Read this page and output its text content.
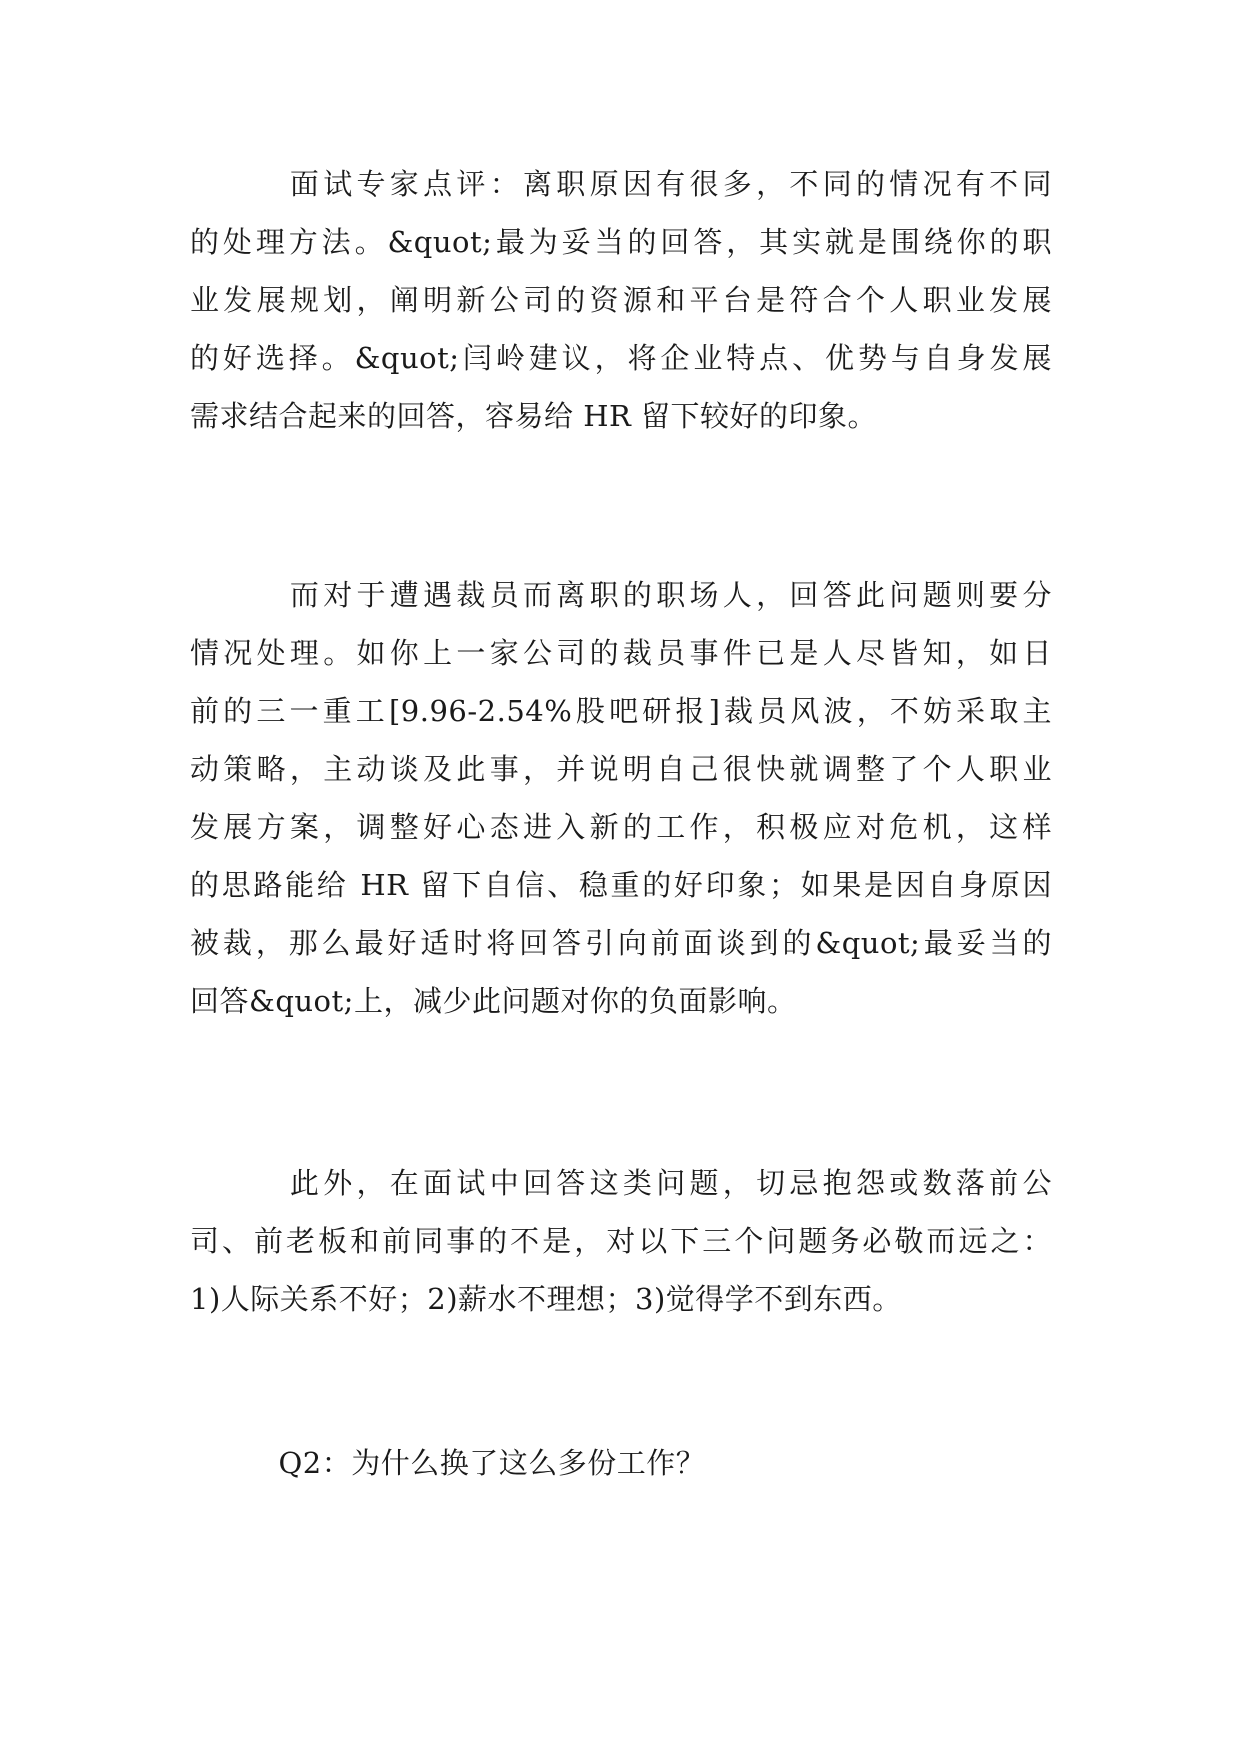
　　　面试专家点评：离职原因有很多，不同的情况有不同
的处理方法。&quot;最为妥当的回答，其实就是围绕你的职
业发展规划，阐明新公司的资源和平台是符合个人职业发展
的好选择。&quot;闫岭建议，将企业特点、优势与自身发展
需求结合起来的回答，容易给 HR 留下较好的印象。

　　　而对于遭遇裁员而离职的职场人，回答此问题则要分
情况处理。如你上一家公司的裁员事件已是人尽皆知，如日
前的三一重工[9.96-2.54%股吧研报]裁员风波，不妨采取主
动策略，主动谈及此事，并说明自己很快就调整了个人职业
发展方案，调整好心态进入新的工作，积极应对危机，这样
的思路能给 HR 留下自信、稳重的好印象；如果是因自身原因
被裁，那么最好适时将回答引向前面谈到的&quot;最妥当的
回答&quot;上，减少此问题对你的负面影响。

　　　此外，在面试中回答这类问题，切忌抱怨或数落前公
司、前老板和前同事的不是，对以下三个问题务必敬而远之：
1)人际关系不好；2)薪水不理想；3)觉得学不到东西。

　　　Q2：为什么换了这么多份工作？
